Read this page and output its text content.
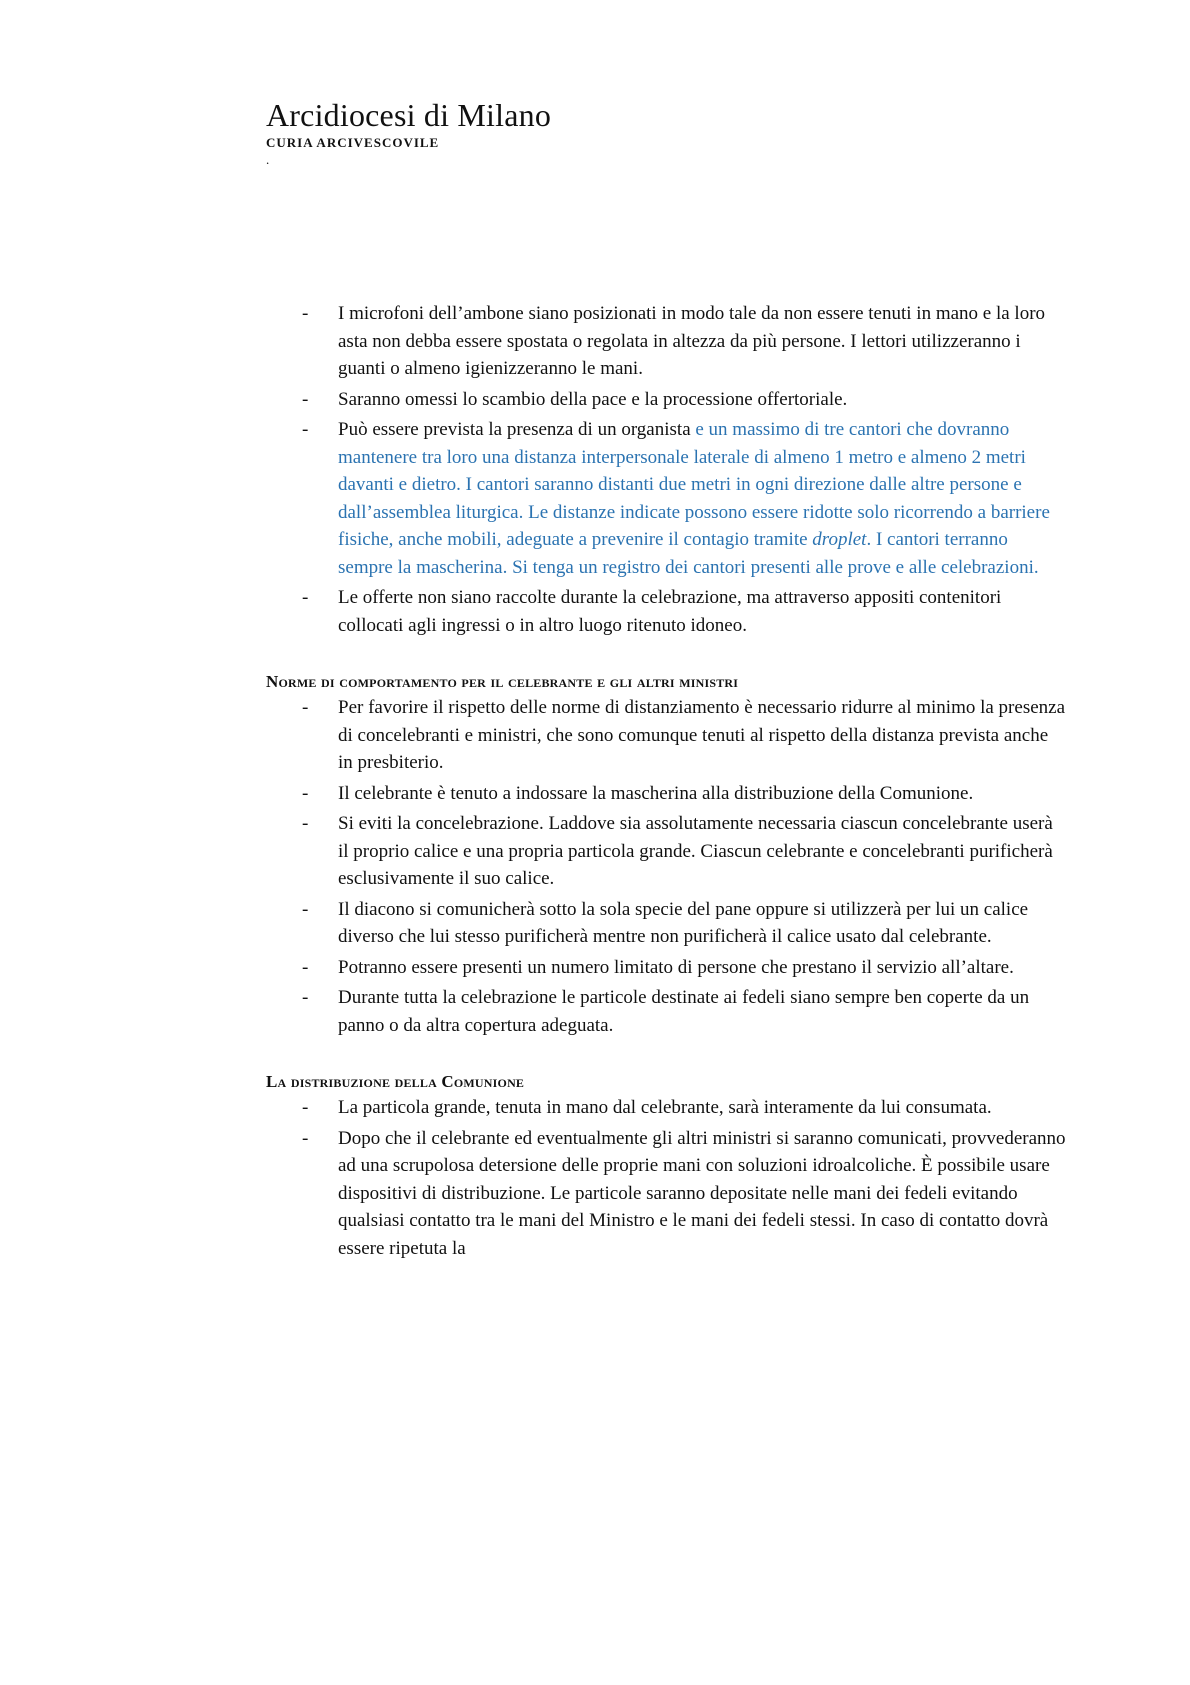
Arcidiocesi di Milano

CURIA ARCIVESCOVILE

.

- I microfoni dell’ambone siano posizionati in modo tale da non essere tenuti in mano e la loro asta non debba essere spostata o regolata in altezza da più persone. I lettori utilizzeranno i guanti o almeno igienizzeranno le mani.
- Saranno omessi lo scambio della pace e la processione offertoriale.
- Può essere prevista la presenza di un organista e un massimo di tre cantori che dovranno mantenere tra loro una distanza interpersonale laterale di almeno 1 metro e almeno 2 metri davanti e dietro. I cantori saranno distanti due metri in ogni direzione dalle altre persone e dall’assemblea liturgica. Le distanze indicate possono essere ridotte solo ricorrendo a barriere fisiche, anche mobili, adeguate a prevenire il contagio tramite droplet. I cantori terranno sempre la mascherina. Si tenga un registro dei cantori presenti alle prove e alle celebrazioni.
- Le offerte non siano raccolte durante la celebrazione, ma attraverso appositi contenitori collocati agli ingressi o in altro luogo ritenuto idoneo.

Norme di comportamento per il celebrante e gli altri ministri

- Per favorire il rispetto delle norme di distanziamento è necessario ridurre al minimo la presenza di concelebranti e ministri, che sono comunque tenuti al rispetto della distanza prevista anche in presbiterio.
- Il celebrante è tenuto a indossare la mascherina alla distribuzione della Comunione.
- Si eviti la concelebrazione. Laddove sia assolutamente necessaria ciascun concelebrante userà il proprio calice e una propria particola grande. Ciascun celebrante e concelebranti purificherà esclusivamente il suo calice.
- Il diacono si comunicherà sotto la sola specie del pane oppure si utilizzerà per lui un calice diverso che lui stesso purificherà mentre non purificherà il calice usato dal celebrante.
- Potranno essere presenti un numero limitato di persone che prestano il servizio all’altare.
- Durante tutta la celebrazione le particole destinate ai fedeli siano sempre ben coperte da un panno o da altra copertura adeguata.

La distribuzione della Comunione

- La particola grande, tenuta in mano dal celebrante, sarà interamente da lui consumata.
- Dopo che il celebrante ed eventualmente gli altri ministri si saranno comunicati, provvederanno ad una scrupolosa detersione delle proprie mani con soluzioni idroalcoliche. È possibile usare dispositivi di distribuzione. Le particole saranno depositate nelle mani dei fedeli evitando qualsiasi contatto tra le mani del Ministro e le mani dei fedeli stessi. In caso di contatto dovrà essere ripetuta la
